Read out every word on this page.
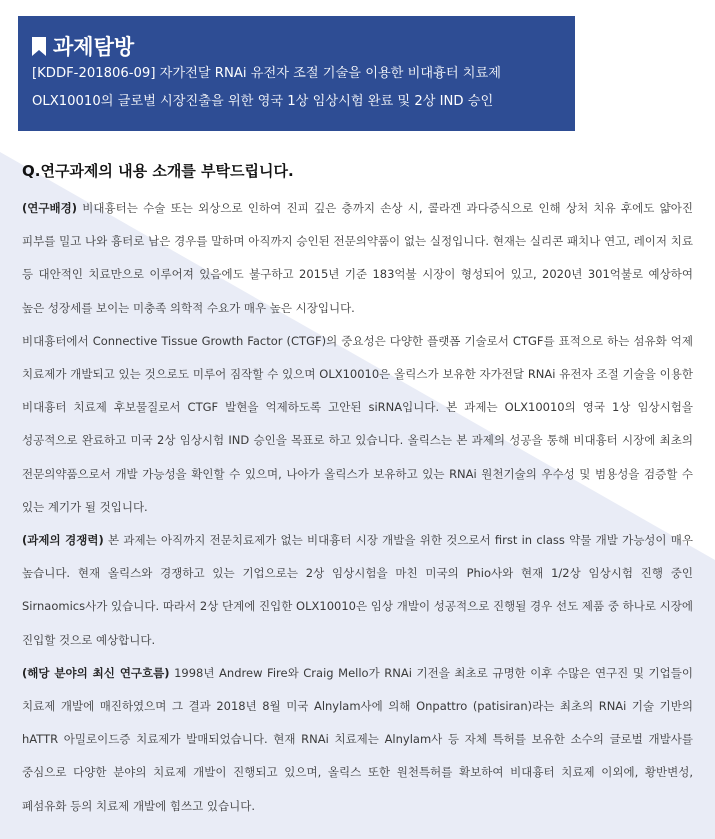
과제탐방
[KDDF-201806-09] 자가전달 RNAi 유전자 조절 기술을 이용한 비대흉터 치료제
OLX10010의 글로벌 시장진출을 위한 영국 1상 임상시험 완료 및 2상 IND 승인
Q.연구과제의 내용 소개를 부탁드립니다.

(연구배경) 비대흉터는 수술 또는 외상으로 인하여 진피 깊은 층까지 손상 시, 콜라겐 과다증식으로 인해 상처 치유 후에도 얇아진 피부를 밀고 나와 흉터로 남은 경우를 말하며 아직까지 승인된 전문의약품이 없는 실정입니다. 현재는 실리콘 패치나 연고, 레이저 치료 등 대안적인 치료만으로 이루어져 있음에도 불구하고 2015년 기준 183억불 시장이 형성되어 있고, 2020년 301억불로 예상하여 높은 성장세를 보이는 미충족 의학적 수요가 매우 높은 시장입니다.

비대흉터에서 Connective Tissue Growth Factor (CTGF)의 중요성은 다양한 플랫폼 기술로서 CTGF를 표적으로 하는 섬유화 억제 치료제가 개발되고 있는 것으로도 미루어 짐작할 수 있으며 OLX10010은 올릭스가 보유한 자가전달 RNAi 유전자 조절 기술을 이용한 비대흉터 치료제 후보물질로서 CTGF 발현을 억제하도록 고안된 siRNA입니다. 본 과제는 OLX10010의 영국 1상 임상시험을 성공적으로 완료하고 미국 2상 임상시험 IND 승인을 목표로 하고 있습니다. 올릭스는 본 과제의 성공을 통해 비대흉터 시장에 최초의 전문의약품으로서 개발 가능성을 확인할 수 있으며, 나아가 올릭스가 보유하고 있는 RNAi 원천기술의 우수성 및 범용성을 검증할 수 있는 계기가 될 것입니다.

(과제의 경쟁력) 본 과제는 아직까지 전문치료제가 없는 비대흉터 시장 개발을 위한 것으로서 first in class 약물 개발 가능성이 매우 높습니다. 현재 올릭스와 경쟁하고 있는 기업으로는 2상 임상시험을 마친 미국의 Phio사와 현재 1/2상 임상시험 진행 중인 Sirnaomics사가 있습니다. 따라서 2상 단계에 진입한 OLX10010은 임상 개발이 성공적으로 진행될 경우 선도 제품 중 하나로 시장에 진입할 것으로 예상합니다.

(해당 분야의 최신 연구흐름) 1998년 Andrew Fire와 Craig Mello가 RNAi 기전을 최초로 규명한 이후 수많은 연구진 및 기업들이 치료제 개발에 매진하였으며 그 결과 2018년 8월 미국 Alnylam사에 의해 Onpattro (patisiran)라는 최초의 RNAi 기술 기반의 hATTR 아밀로이드증 치료제가 발매되었습니다. 현재 RNAi 치료제는 Alnylam사 등 자체 특허를 보유한 소수의 글로벌 개발사를 중심으로 다양한 분야의 치료제 개발이 진행되고 있으며, 올릭스 또한 원천특허를 확보하여 비대흉터 치료제 이외에, 황반변성, 폐섬유화 등의 치료제 개발에 힘쓰고 있습니다.
